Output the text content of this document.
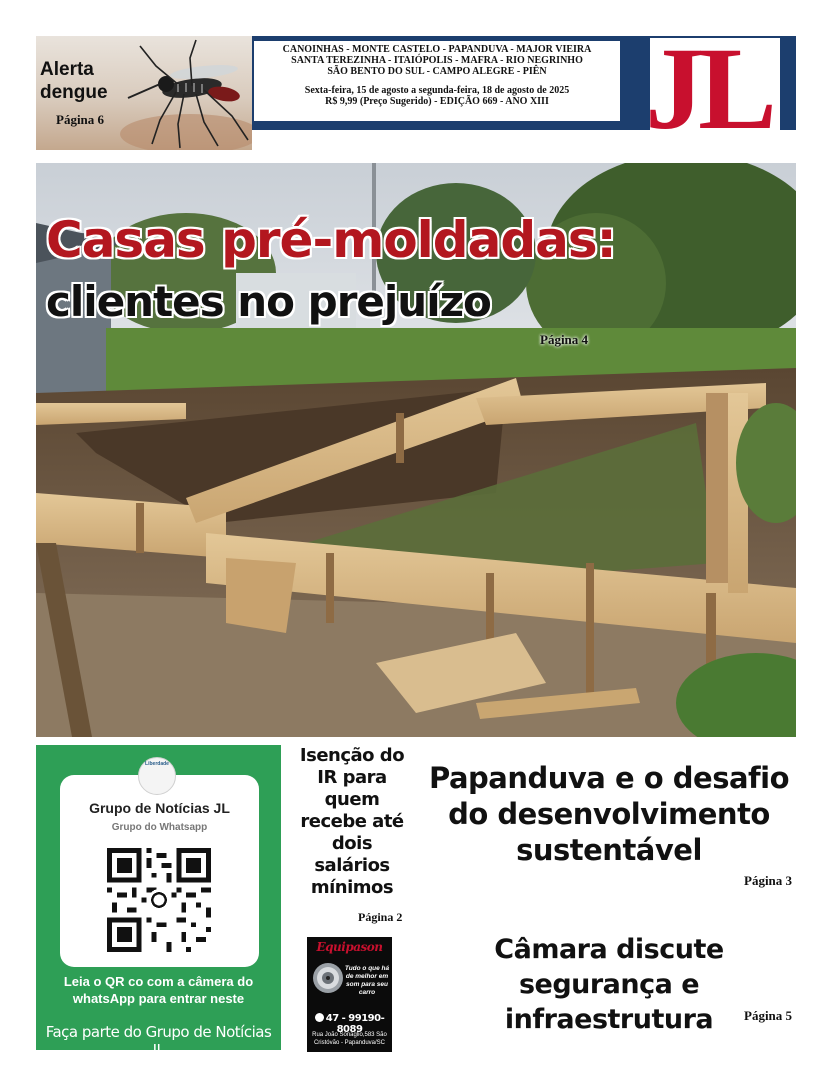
Alerta dengue
Página 6
CANOINHAS - MONTE CASTELO - PAPANDUVA - MAJOR VIEIRA
SANTA TEREZINHA - ITAIÓPOLIS - MAFRA - RIO NEGRINHO
SÃO BENTO DO SUL - CAMPO ALEGRE - PIÊN
Sexta-feira, 15 de agosto a segunda-feira, 18 de agosto de 2025
R$ 9,99 (Preço Sugerido) - EDIÇÃO 669 - ANO XIII JL
Casas pré-moldadas:
clientes no prejuízo
Página 4
Liberdade
Grupo de Notícias JL
Grupo do Whatsapp
Leia o QR co com a câmera do whatsApp para entrar neste
Faça parte do Grupo de Notícias JL
Isenção do IR para quem recebe até dois salários mínimos
Página 2
Equipason
Tudo o que há de melhor em som para seu carro
47 - 99190-8089
Rua João Sonaglio,583 São Cristóvão - Papanduva/SC
Papanduva e o desafio do desenvolvimento sustentável
Página 3
Câmara discute segurança e infraestrutura	Página 5
